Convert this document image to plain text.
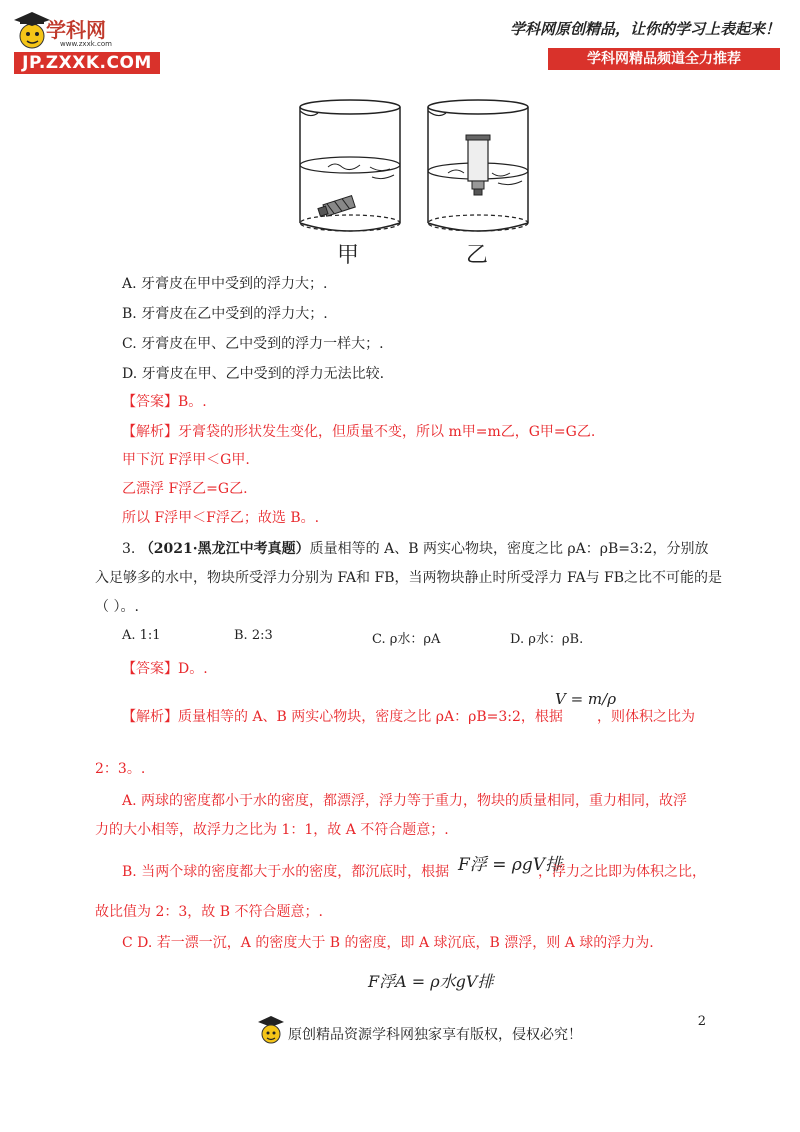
学科网
www.zxxk.com
JP.ZXXK.COM
学科网原创精品，让你的学习上表起来！
学科网精品频道全力推荐
甲	乙
A. 牙膏皮在甲中受到的浮力大；.
B. 牙膏皮在乙中受到的浮力大；.
C. 牙膏皮在甲、乙中受到的浮力一样大；.
D. 牙膏皮在甲、乙中受到的浮力无法比较.
【答案】B。.
【解析】牙膏袋的形状发生变化，但质量不变，所以 m甲=m乙，G甲=G乙.
甲下沉 F浮甲＜G甲.
乙漂浮 F浮乙=G乙.
所以 F浮甲＜F浮乙；故选 B。.
3. （2021·黑龙江中考真题）质量相等的 A、B 两实心物块，密度之比 ρA：ρB=3:2，分别放
入足够多的水中，物块所受浮力分别为 FA和 FB，当两物块静止时所受浮力 FA与 FB之比不可能的是
（ ）。.
A. 1:1	B. 2:3	C. ρ水：ρA	D. ρ水：ρB.
【答案】D。.
【解析】质量相等的 A、B 两实心物块，密度之比 ρA：ρB=3:2，根据
V = m/ρ
，则体积之比为
2：3。.
A. 两球的密度都小于水的密度，都漂浮，浮力等于重力，物块的质量相同，重力相同，故浮
力的大小相等，故浮力之比为 1：1，故 A 不符合题意；.
B. 当两个球的密度都大于水的密度，都沉底时，根据 F浮 = ρgV排
，浮力之比即为体积之比，
故比值为 2：3，故 B 不符合题意；.
C D. 若一漂一沉，A 的密度大于 B 的密度，即 A 球沉底，B 漂浮，则 A 球的浮力为.
F浮A = ρ水gV排
2
原创精品资源学科网独家享有版权，侵权必究！
